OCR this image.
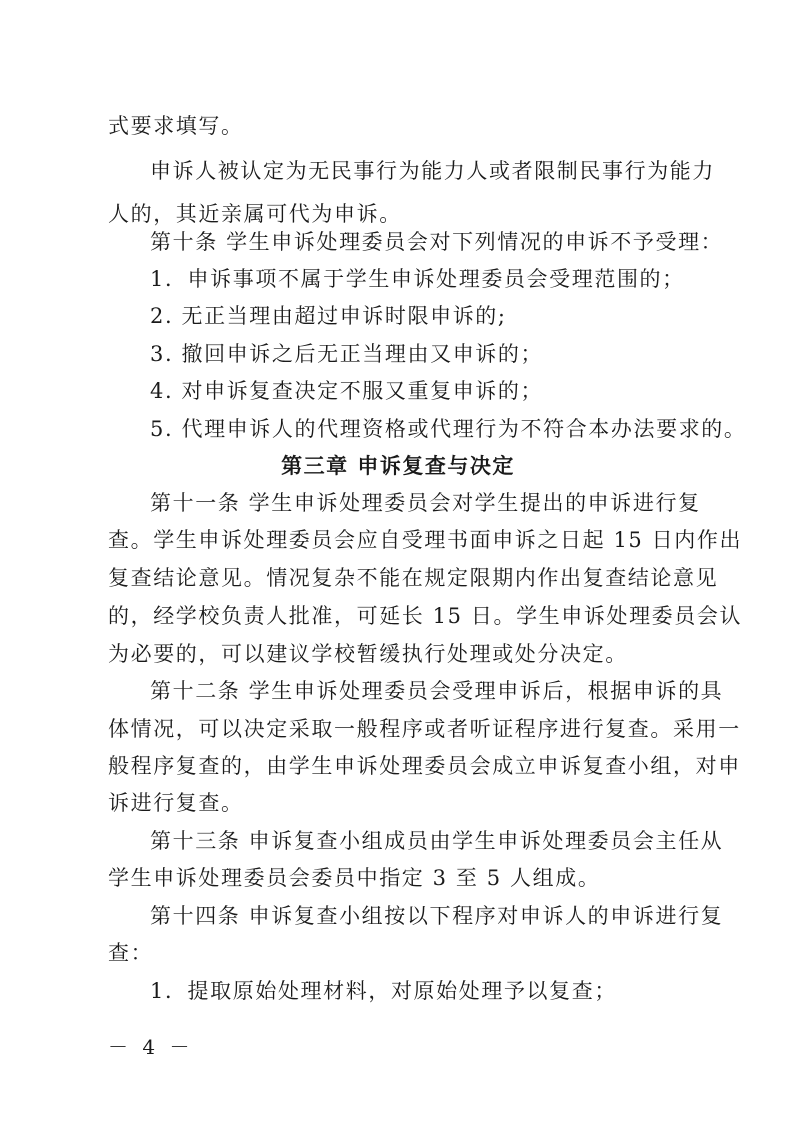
式要求填写。
申诉人被认定为无民事行为能力人或者限制民事行为能力
人的，其近亲属可代为申诉。
第十条 学生申诉处理委员会对下列情况的申诉不予受理：
1．申诉事项不属于学生申诉处理委员会受理范围的；
2. 无正当理由超过申诉时限申诉的;
3. 撤回申诉之后无正当理由又申诉的；
4. 对申诉复查决定不服又重复申诉的；
5. 代理申诉人的代理资格或代理行为不符合本办法要求的。
第三章 申诉复查与决定
第十一条 学生申诉处理委员会对学生提出的申诉进行复
查。学生申诉处理委员会应自受理书面申诉之日起 15 日内作出
复查结论意见。情况复杂不能在规定限期内作出复查结论意见
的，经学校负责人批准，可延长 15 日。学生申诉处理委员会认
为必要的，可以建议学校暂缓执行处理或处分决定。
第十二条 学生申诉处理委员会受理申诉后，根据申诉的具
体情况，可以决定采取一般程序或者听证程序进行复查。采用一
般程序复查的，由学生申诉处理委员会成立申诉复查小组，对申
诉进行复查。
第十三条 申诉复查小组成员由学生申诉处理委员会主任从
学生申诉处理委员会委员中指定 3 至 5 人组成。
第十四条 申诉复查小组按以下程序对申诉人的申诉进行复
查：
1．提取原始处理材料，对原始处理予以复查；
－ 4 －
